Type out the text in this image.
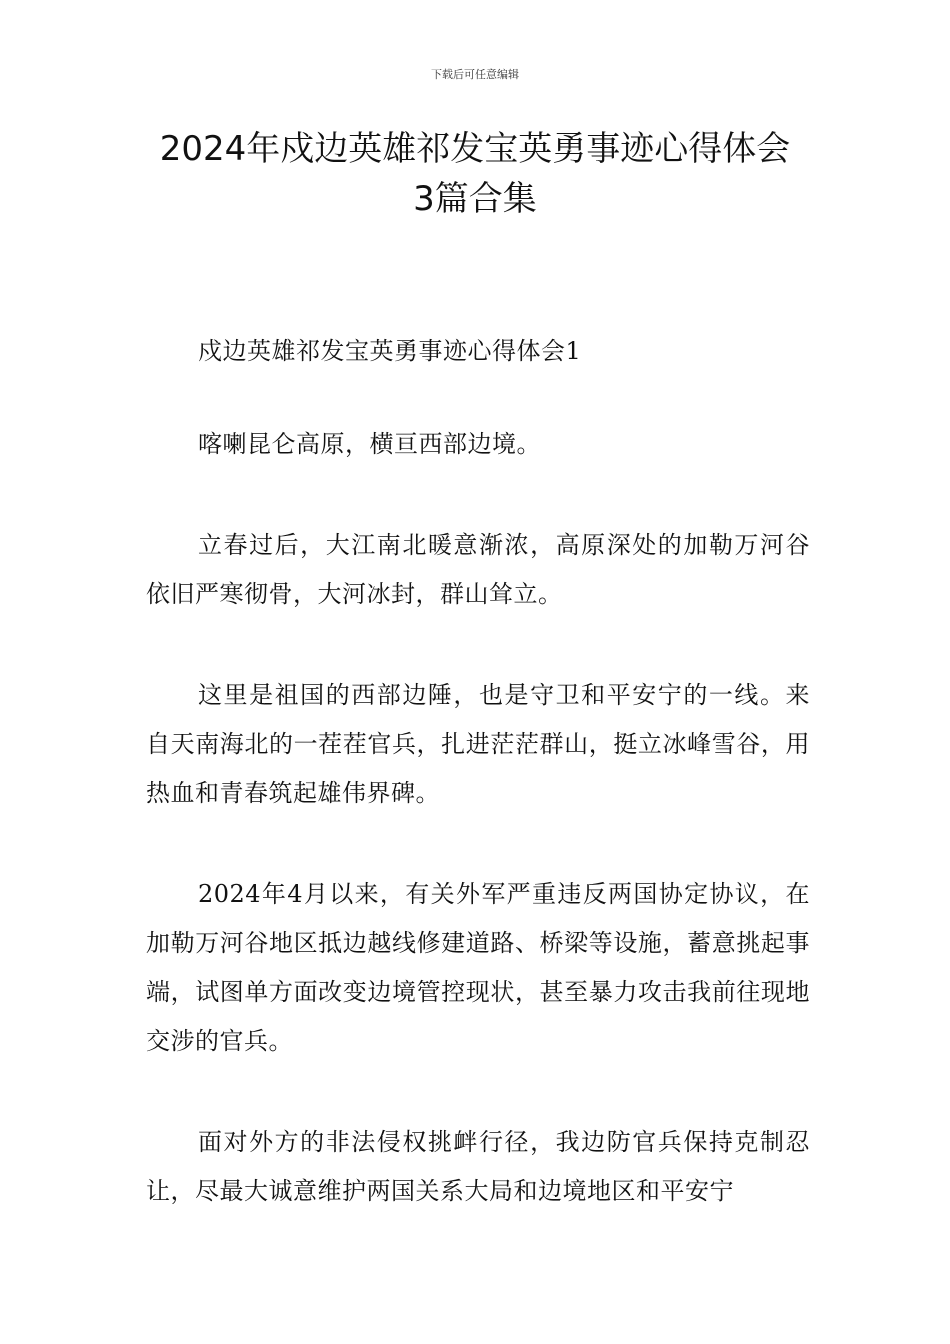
下载后可任意编辑
2024年戍边英雄祁发宝英勇事迹心得体会
3篇合集

戍边英雄祁发宝英勇事迹心得体会1

喀喇昆仑高原，横亘西部边境。

立春过后，大江南北暖意渐浓，高原深处的加勒万河谷依旧严寒彻骨，大河冰封，群山耸立。

这里是祖国的西部边陲，也是守卫和平安宁的一线。来自天南海北的一茬茬官兵，扎进茫茫群山，挺立冰峰雪谷，用热血和青春筑起雄伟界碑。

2024年4月以来，有关外军严重违反两国协定协议，在加勒万河谷地区抵边越线修建道路、桥梁等设施，蓄意挑起事端，试图单方面改变边境管控现状，甚至暴力攻击我前往现地交涉的官兵。

面对外方的非法侵权挑衅行径，我边防官兵保持克制忍让，尽最大诚意维护两国关系大局和边境地区和平安宁
